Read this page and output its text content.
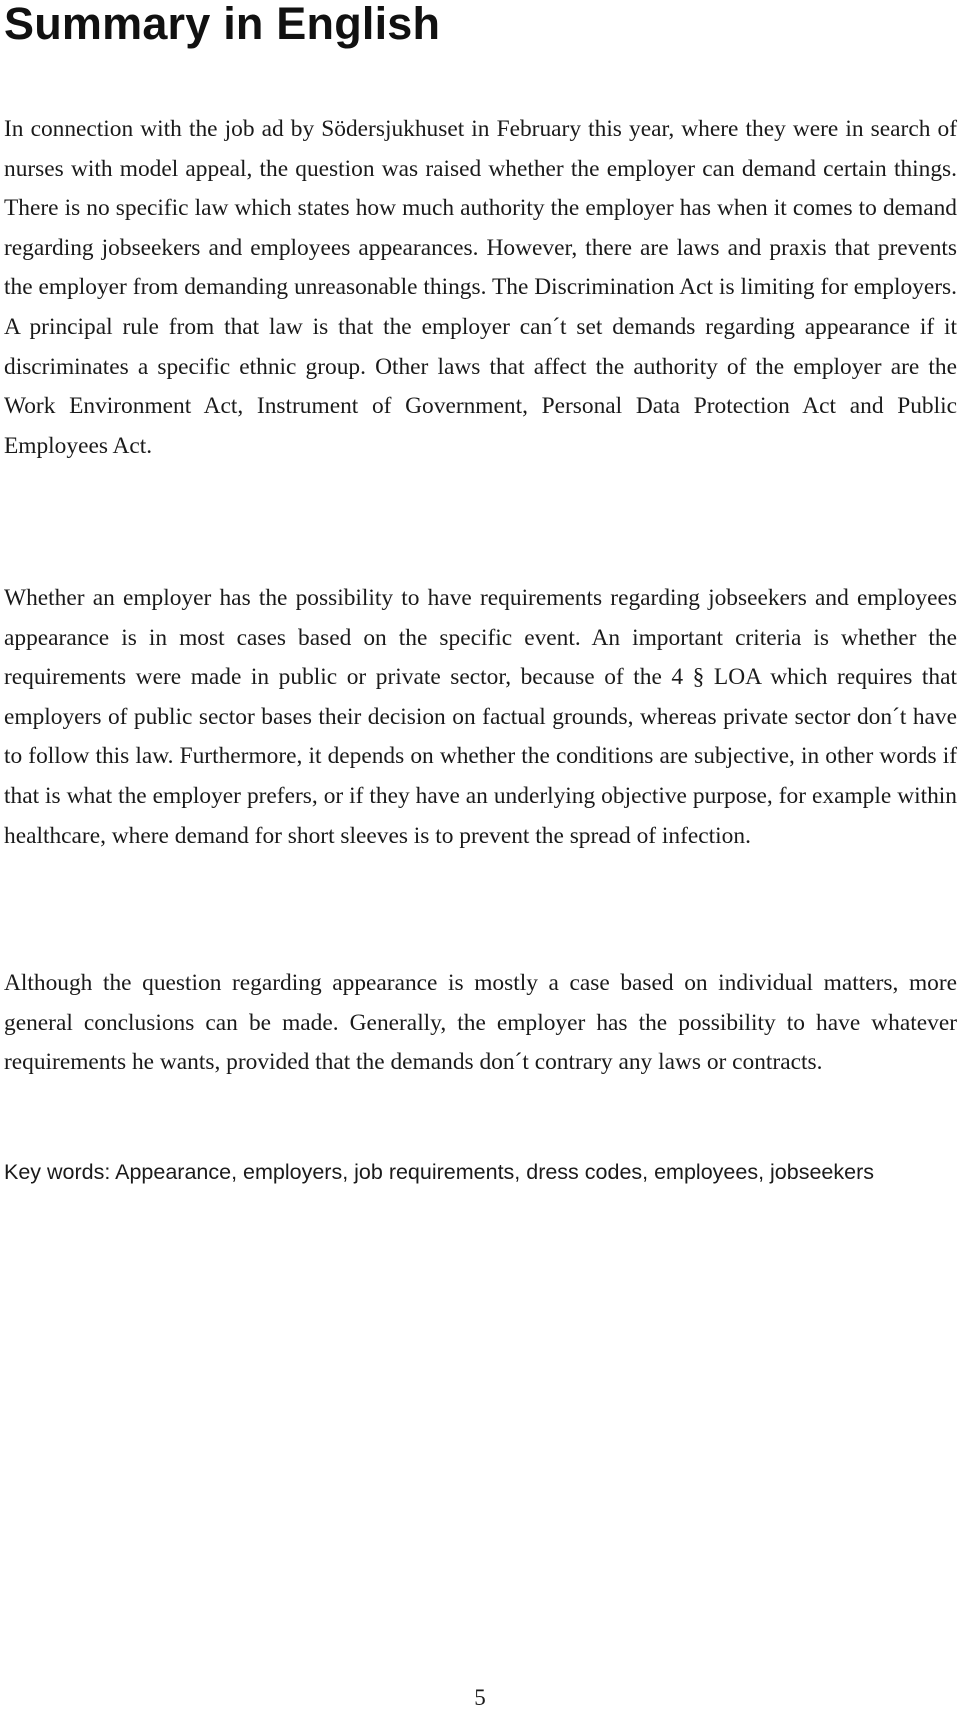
Summary in English

In connection with the job ad by Södersjukhuset in February this year, where they were in search of nurses with model appeal, the question was raised whether the employer can demand certain things. There is no specific law which states how much authority the employer has when it comes to demand regarding jobseekers and employees appearances. However, there are laws and praxis that prevents the employer from demanding unreasonable things. The Discrimination Act is limiting for employers. A principal rule from that law is that the employer can´t set demands regarding appearance if it discriminates a specific ethnic group. Other laws that affect the authority of the employer are the Work Environment Act, Instrument of Government, Personal Data Protection Act and Public Employees Act.

Whether an employer has the possibility to have requirements regarding jobseekers and employees appearance is in most cases based on the specific event. An important criteria is whether the requirements were made in public or private sector, because of the 4 § LOA which requires that employers of public sector bases their decision on factual grounds, whereas private sector don´t have to follow this law. Furthermore, it depends on whether the conditions are subjective, in other words if that is what the employer prefers, or if they have an underlying objective purpose, for example within healthcare, where demand for short sleeves is to prevent the spread of infection.

Although the question regarding appearance is mostly a case based on individual matters, more general conclusions can be made. Generally, the employer has the possibility to have whatever requirements he wants, provided that the demands don´t contrary any laws or contracts.

Key words: Appearance, employers, job requirements, dress codes, employees, jobseekers

5
